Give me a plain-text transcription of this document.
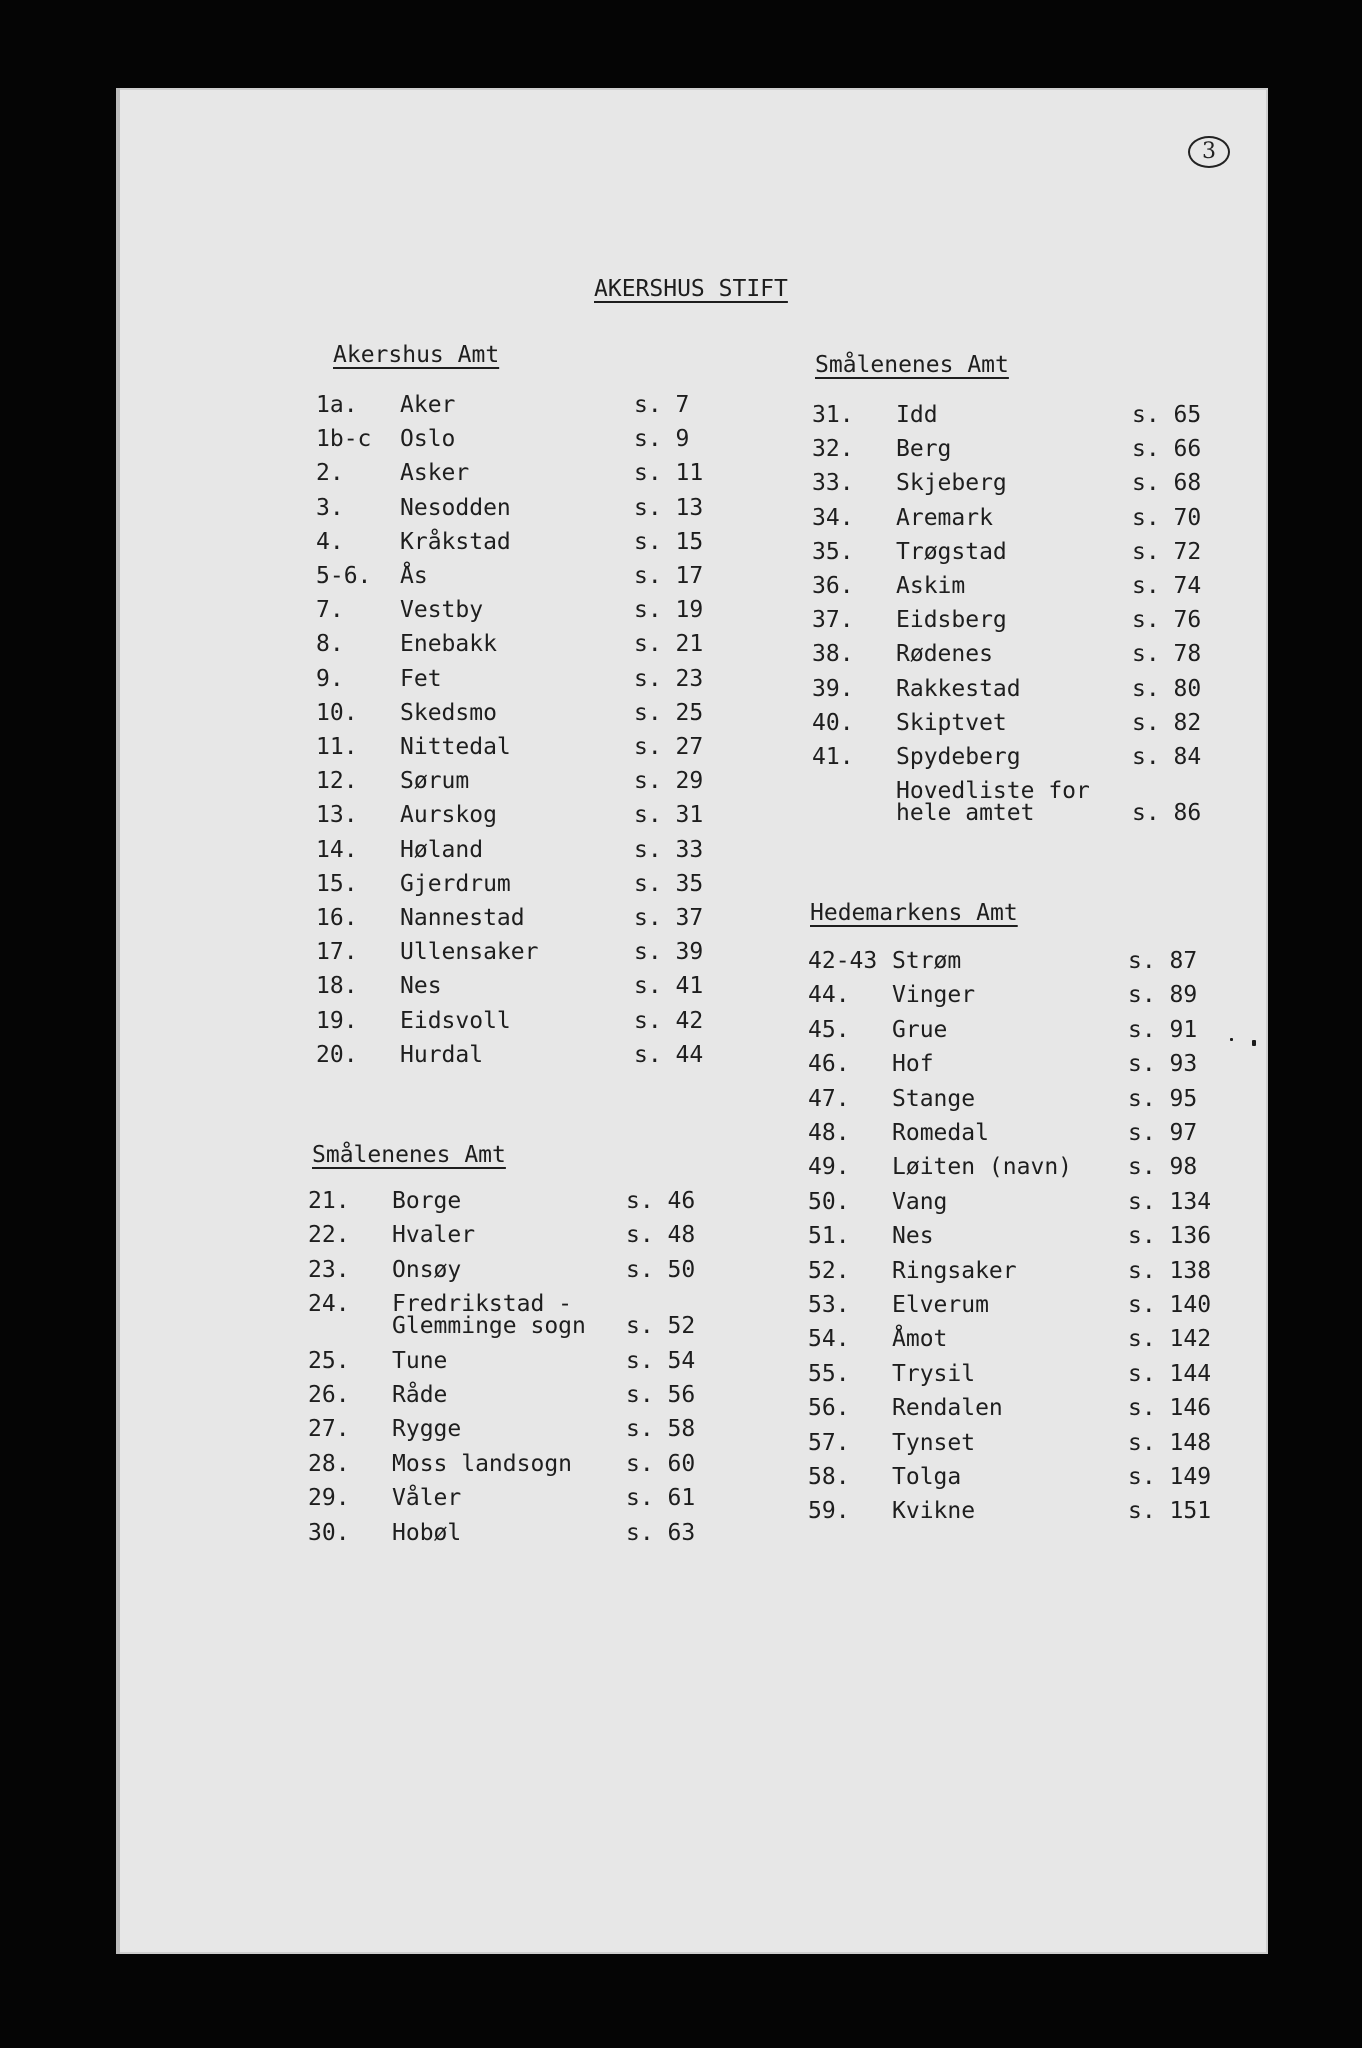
3
AKERSHUS STIFT
Akershus Amt
Smålenenes Amt
1a. Aker	s. 7
1b-c Oslo	s. 9
2. Asker	s. 11
3. Nesodden	s. 13
4. Kråkstad	s. 15
5-6. Ås	s. 17
7. Vestby	s. 19
8. Enebakk	s. 21
9. Fet	s. 23
10. Skedsmo	s. 25
11. Nittedal	s. 27
12. Sørum	s. 29
13. Aurskog	s. 31
14. Høland	s. 33
15. Gjerdrum	s. 35
16. Nannestad	s. 37
17. Ullensaker	s. 39
18. Nes	s. 41
19. Eidsvoll	s. 42
20. Hurdal	s. 44
21. Borge	s. 46
22. Hvaler	s. 48
23. Onsøy	s. 50
24. Fredrikstad -
Glemminge sogn s. 52
25. Tune	s. 54
26. Råde	s. 56
27. Rygge	s. 58
28. Moss landsogn s. 60
29. Våler	s. 61
30. Hobøl	s. 63
Smålenenes Amt
Hedemarkens Amt
31. Idd	s. 65
32. Berg	s. 66
33. Skjeberg	s. 68
34. Aremark	s. 70
35. Trøgstad	s. 72
36. Askim	s. 74
37. Eidsberg	s. 76
38. Rødenes	s. 78
39. Rakkestad	s. 80
40. Skiptvet	s. 82
41. Spydeberg	s. 84
Hovedliste for
hele amtet	s. 86
42-43 Strøm	s. 87
44. Vinger	s. 89
45. Grue	s. 91
46. Hof	s. 93
47. Stange	s. 95
48. Romedal	s. 97
49. Løiten (navn) s. 98
50. Vang	s. 134
51. Nes	s. 136
52. Ringsaker	s. 138
53. Elverum	s. 140
54. Åmot	s. 142
55. Trysil	s. 144
56. Rendalen	s. 146
57. Tynset	s. 148
58. Tolga	s. 149
59. Kvikne	s. 151
